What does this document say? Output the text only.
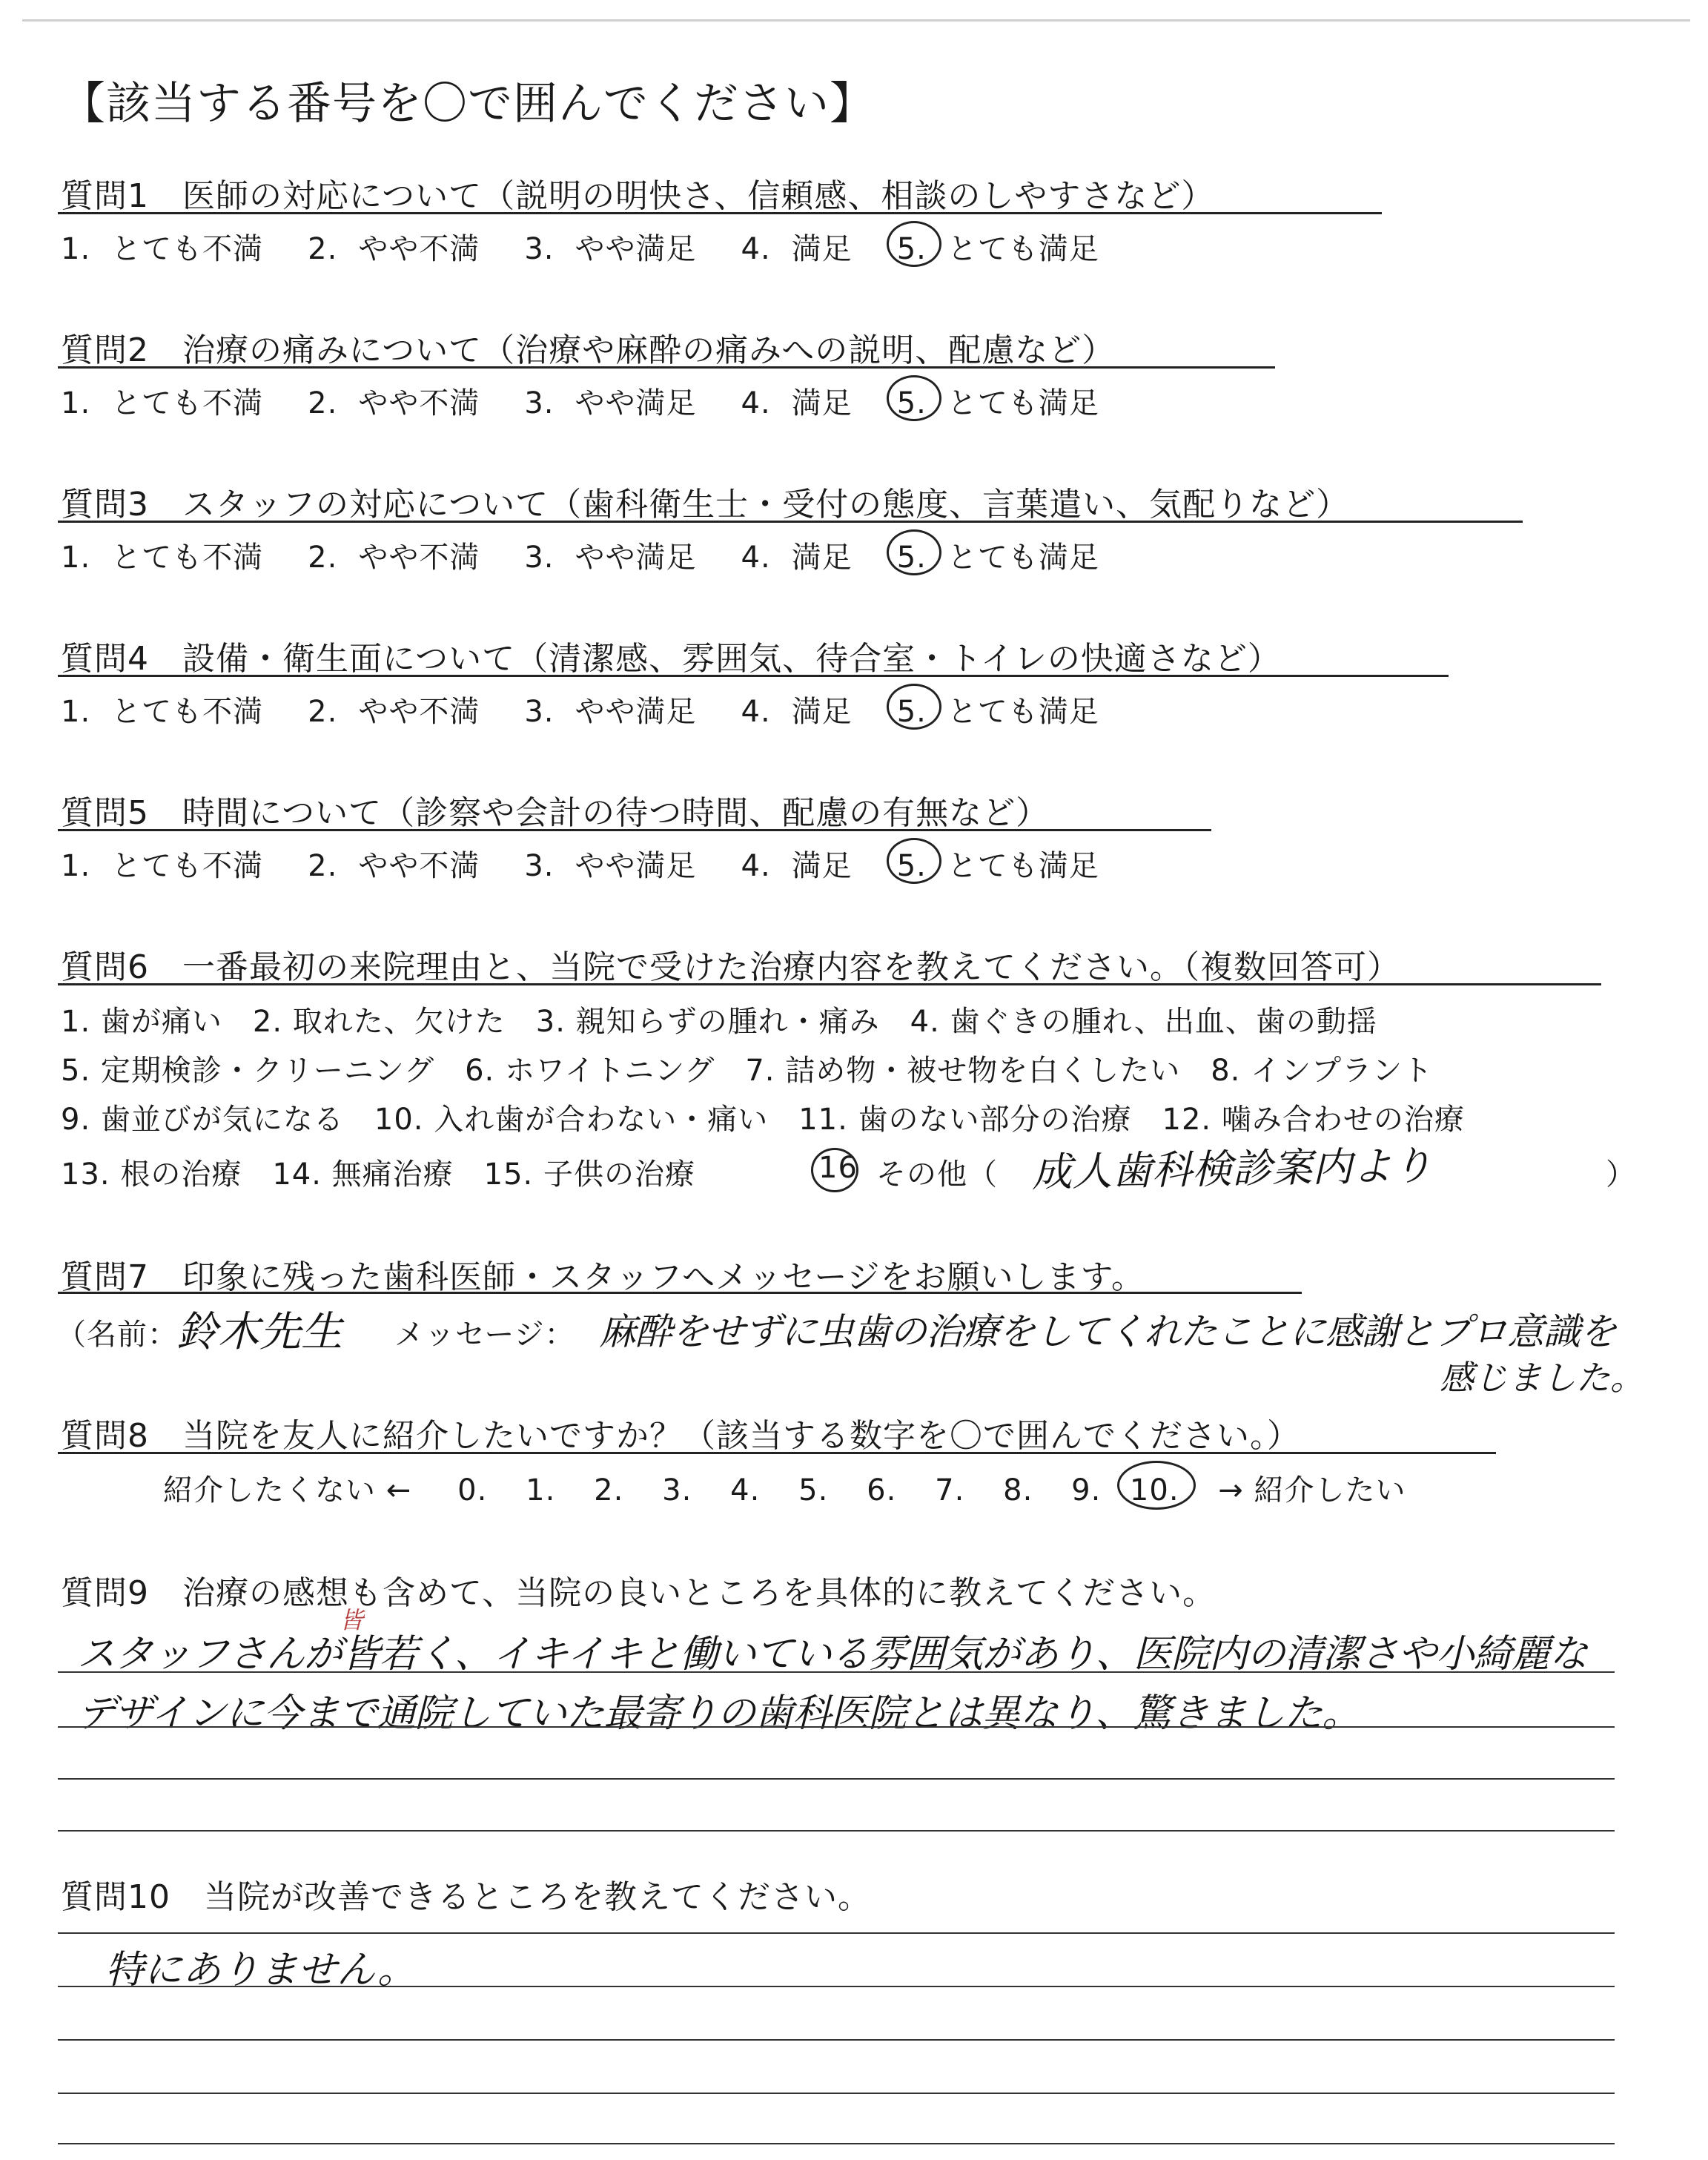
【該当する番号を〇で囲んでください】
質問1　医師の対応について（説明の明快さ、信頼感、相談のしやすさなど）
1. とても不満 2. やや不満 3. やや満足 4. 満足 5. とても満足
質問2　治療の痛みについて（治療や麻酔の痛みへの説明、配慮など）
1. とても不満 2. やや不満 3. やや満足 4. 満足 5. とても満足
質問3　スタッフの対応について（歯科衛生士・受付の態度、言葉遣い、気配りなど）
1. とても不満 2. やや不満 3. やや満足 4. 満足 5. とても満足
質問4　設備・衛生面について（清潔感、雰囲気、待合室・トイレの快適さなど）
1. とても不満 2. やや不満 3. やや満足 4. 満足 5. とても満足
質問5　時間について（診察や会計の待つ時間、配慮の有無など）
1. とても不満 2. やや不満 3. やや満足 4. 満足 5. とても満足
質問6　一番最初の来院理由と、当院で受けた治療内容を教えてください。（複数回答可）
1. 歯が痛い　2. 取れた、欠けた　3. 親知らずの腫れ・痛み　4. 歯ぐきの腫れ、出血、歯の動揺
5. 定期検診・クリーニング　6. ホワイトニング　7. 詰め物・被せ物を白くしたい　8. インプラント
9. 歯並びが気になる　10. 入れ歯が合わない・痛い　11. 歯のない部分の治療　12. 噛み合わせの治療
13. 根の治療　14. 無痛治療　15. 子供の治療	16 その他（ 成人歯科検診案内より	）
質問7　印象に残った歯科医師・スタッフへメッセージをお願いします。
（名前：
鈴木先生 メッセージ： 麻酔をせずに虫歯の治療をしてくれたことに感謝とプロ意識を
感じました。
質問8　当院を友人に紹介したいですか？（該当する数字を〇で囲んでください。）
紹介したくない ← 0. 1. 2. 3. 4. 5. 6. 7. 8. 9. 10. → 紹介したい
質問9　治療の感想も含めて、当院の良いところを具体的に教えてください。
皆
スタッフさんが皆若く、イキイキと働いている雰囲気があり、医院内の清潔さや小綺麗な
デザインに今まで通院していた最寄りの歯科医院とは異なり、驚きました。
質問10　当院が改善できるところを教えてください。
特にありません。
